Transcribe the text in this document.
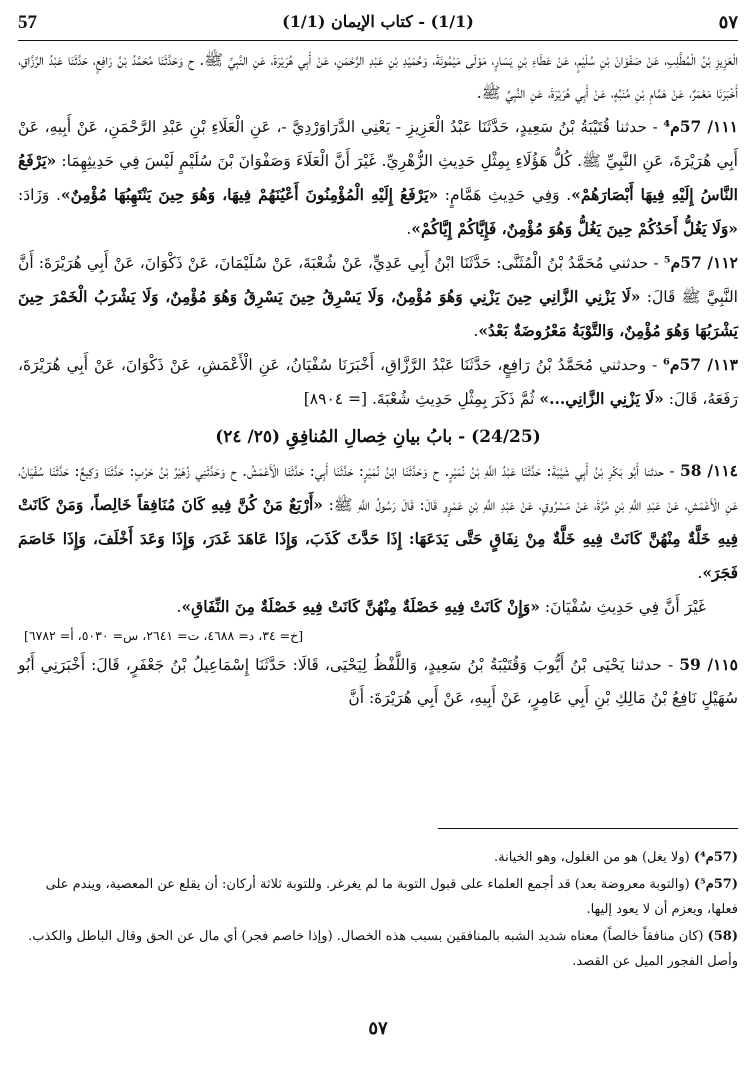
٥٧
(1/1) - كتاب الإيمان (1/1)
57

الْعَزِيزِ بْنُ الْمُطَّلِبِ، عَنْ صَفْوَانَ بْنِ سُلَيْمٍ، عَنْ عَطَاءِ بْنِ يَسَارٍ، مَوْلَى مَيْمُونَةَ، وَحُمَيْدِ بْنِ عَبْدِ الرَّحْمَنِ، عَنْ أَبِي هُرَيْرَةَ، عَنِ النَّبِيِّ ﷺ. ح وَحَدَّثَنَا مُحَمَّدُ بْنُ رَافِعٍ، حَدَّثَنَا عَبْدُ الرَّزَّاقِ، أَخْبَرَنَا مَعْمَرٌ، عَنْ هَمَّامِ بْنِ مُنَبِّهٍ، عَنْ أَبِي هُرَيْرَةَ، عَنِ النَّبِيِّ ﷺ.

١١١/ 57م⁴ - حدثنا قُتَيْبَةُ بْنُ سَعِيدٍ، حَدَّثَنَا عَبْدُ الْعَزِيزِ - يَعْنِي الدَّرَاوَرْدِيَّ -، عَنِ الْعَلَاءِ بْنِ عَبْدِ الرَّحْمَنِ، عَنْ أَبِيهِ، عَنْ أَبِي هُرَيْرَةَ، عَنِ النَّبِيِّ ﷺ. كُلُّ هَؤُلَاءِ بِمِثْلِ حَدِيثِ الزُّهْرِيِّ. غَيْرَ أَنَّ الْعَلَاءَ وَصَفْوَانَ بْنَ سُلَيْمٍ لَيْسَ فِي حَدِيثِهِمَا: «يَرْفَعُ النَّاسُ إِلَيْهِ فِيهَا أَبْصَارَهُمْ». وَفِي حَدِيثِ هَمَّامٍ: «يَرْفَعُ إِلَيْهِ الْمُؤْمِنُونَ أَعْيُنَهُمْ فِيهَا، وَهُوَ حِينَ يَنْتَهِبُهَا مُؤْمِنٌ». وَزَادَ: «وَلَا يَغُلُّ أَحَدُكُمْ حِينَ يَغُلُّ وَهُوَ مُؤْمِنٌ، فَإِيَّاكُمْ إِيَّاكُمْ».

١١٢/ 57م⁵ - حدثني مُحَمَّدُ بْنُ الْمُثَنَّى: حَدَّثَنَا ابْنُ أَبِي عَدِيٍّ، عَنْ شُعْبَةَ، عَنْ سُلَيْمَانَ، عَنْ ذَكْوَانَ، عَنْ أَبِي هُرَيْرَةَ: أَنَّ النَّبِيَّ ﷺ قَالَ: «لَا يَزْنِي الزَّانِي حِينَ يَزْنِي وَهُوَ مُؤْمِنٌ، وَلَا يَسْرِقُ حِينَ يَسْرِقُ وَهُوَ مُؤْمِنٌ، وَلَا يَشْرَبُ الْخَمْرَ حِينَ يَشْرَبُهَا وَهُوَ مُؤْمِنٌ، وَالتَّوْبَةُ مَعْرُوضَةٌ بَعْدُ».

١١٣/ 57م⁶ - وحدثني مُحَمَّدُ بْنُ رَافِعٍ، حَدَّثَنَا عَبْدُ الرَّزَّاقِ، أَخْبَرَنَا سُفْيَانُ، عَنِ الْأَعْمَشِ، عَنْ ذَكْوَانَ، عَنْ أَبِي هُرَيْرَةَ، رَفَعَهُ، قَالَ: «لَا يَزْنِي الزَّانِي...» ثُمَّ ذَكَرَ بِمِثْلِ حَدِيثِ شُعْبَةَ. [= ٨٩٠٤]

(24/25) - بابُ بيانِ خِصالِ المُنافِقِ (٢٥/ ٢٤)

١١٤/ 58 - حدثنا أَبُو بَكْرِ بْنُ أَبِي شَيْبَةَ: حَدَّثَنَا عَبْدُ اللَّهِ بْنُ نُمَيْرٍ. ح وَحَدَّثَنَا ابْنُ نُمَيْرٍ: حَدَّثَنَا أَبِي: حَدَّثَنَا الْأَعْمَشُ. ح وَحَدَّثَنِي زُهَيْرُ بْنُ حَرْبٍ: حَدَّثَنَا وَكِيعٌ: حَدَّثَنَا سُفْيَانُ، عَنِ الْأَعْمَشِ، عَنْ عَبْدِ اللَّهِ بْنِ مُرَّةَ، عَنْ مَسْرُوقٍ، عَنْ عَبْدِ اللَّهِ بْنِ عَمْرٍو قَالَ: قَالَ رَسُولُ اللَّهِ ﷺ: «أَرْبَعٌ مَنْ كُنَّ فِيهِ كَانَ مُنَافِقاً خَالِصاً، وَمَنْ كَانَتْ فِيهِ خَلَّةٌ مِنْهُنَّ كَانَتْ فِيهِ خَلَّةٌ مِنْ نِفَاقٍ حَتَّى يَدَعَهَا: إِذَا حَدَّثَ كَذَبَ، وَإِذَا عَاهَدَ غَدَرَ، وَإِذَا وَعَدَ أَخْلَفَ، وَإِذَا خَاصَمَ فَجَرَ».

غَيْرَ أَنَّ فِي حَدِيثِ سُفْيَانَ: «وَإِنْ كَانَتْ فِيهِ خَصْلَةٌ مِنْهُنَّ كَانَتْ فِيهِ خَصْلَةٌ مِنَ النِّفَاقِ».

[خ= ٣٤، د= ٤٦٨٨، ت= ٢٦٤١، س= ٥٠٣٠، أ= ٦٧٨٢]

١١٥/ 59 - حدثنا يَحْيَى بْنُ أَيُّوبَ وَقُتَيْبَةُ بْنُ سَعِيدٍ، وَاللَّفْظُ لِيَحْيَى، قَالَا: حَدَّثَنَا إِسْمَاعِيلُ بْنُ جَعْفَرٍ، قَالَ: أَخْبَرَنِي أَبُو سُهَيْلٍ نَافِعُ بْنُ مَالِكِ بْنِ أَبِي عَامِرٍ، عَنْ أَبِيهِ، عَنْ أَبِي هُرَيْرَةَ: أَنَّ

(57م⁴) (ولا يغل) هو من الغلول، وهو الخيانة.

(57م⁵) (والتوبة معروضة بعد) قد أجمع العلماء على قبول التوبة ما لم يغرغر. وللتوبة ثلاثة أركان: أن يقلع عن المعصية، ويندم على فعلها، ويعزم أن لا يعود إليها.

(58) (كان منافقاً خالصاً) معناه شديد الشبه بالمنافقين بسبب هذه الخصال. (وإذا خاصم فجر) أي مال عن الحق وقال الباطل والكذب. وأصل الفجور الميل عن القصد.

٥٧
